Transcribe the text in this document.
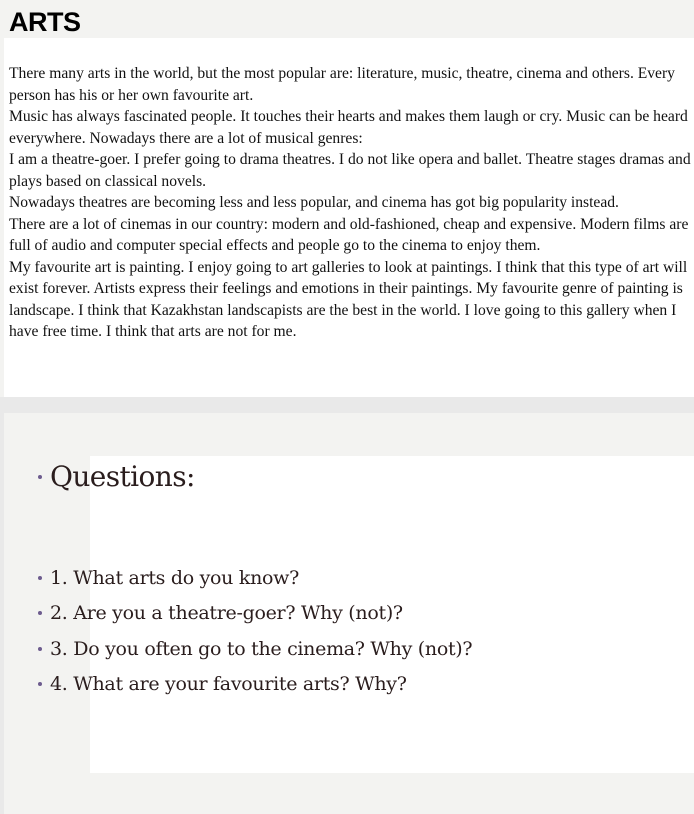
ARTS

There many arts in the world, but the most popular are: literature, music, theatre, cinema and others. Every person has his or her own favourite art.

Music has always fascinated people. It touches their hearts and makes them laugh or cry. Music can be heard everywhere. Nowadays there are a lot of musical genres:

I am a theatre-goer. I prefer going to drama theatres. I do not like opera and ballet. Theatre stages dramas and plays based on classical novels.

Nowadays theatres are becoming less and less popular, and cinema has got big popularity instead.

There are a lot of cinemas in our country: modern and old-fashioned, cheap and expensive. Modern films are full of audio and computer special effects and people go to the cinema to enjoy them.

My favourite art is painting. I enjoy going to art galleries to look at paintings. I think that this type of art will exist forever. Artists express their feelings and emotions in their paintings. My favourite genre of painting is landscape. I think that Kazakhstan landscapists are the best in the world. I love going to this gallery when I have free time. I think that arts are not for me.

Questions:
1. What arts do you know?
2. Are you a theatre-goer? Why (not)?
3. Do you often go to the cinema? Why (not)?
4. What are your favourite arts? Why?
